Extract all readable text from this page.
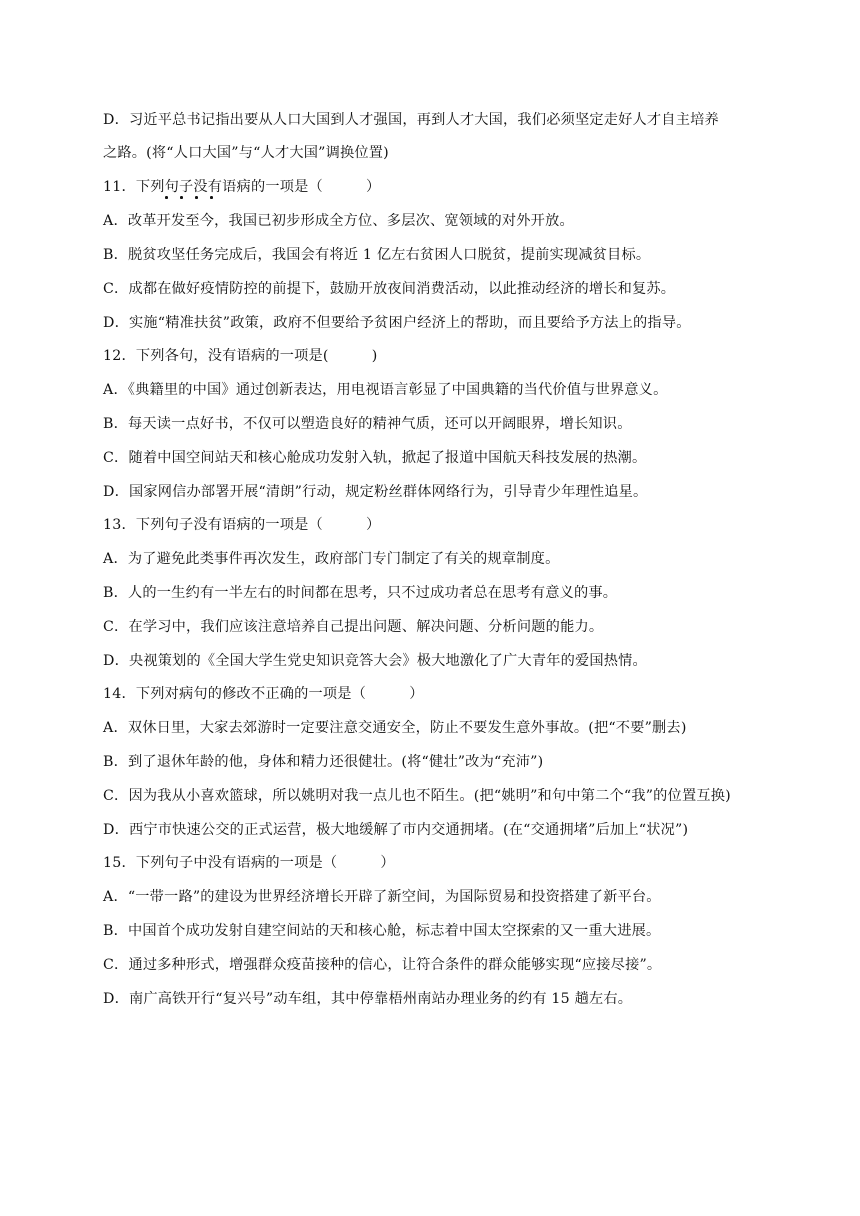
D．习近平总书记指出要从人口大国到人才强国，再到人才大国，我们必须坚定走好人才自主培养
之路。(将“人口大国”与“人才大国”调换位置)
11．下列句子没有语病的一项是（　　　）
A．改革开发至今，我国已初步形成全方位、多层次、宽领域的对外开放。
B．脱贫攻坚任务完成后，我国会有将近 1 亿左右贫困人口脱贫，提前实现减贫目标。
C．成都在做好疫情防控的前提下，鼓励开放夜间消费活动，以此推动经济的增长和复苏。
D．实施“精准扶贫”政策，政府不但要给予贫困户经济上的帮助，而且要给予方法上的指导。
12．下列各句，没有语病的一项是(　　　)
A．《典籍里的中国》通过创新表达，用电视语言彰显了中国典籍的当代价值与世界意义。
B．每天读一点好书，不仅可以塑造良好的精神气质，还可以开阔眼界，增长知识。
C．随着中国空间站天和核心舱成功发射入轨，掀起了报道中国航天科技发展的热潮。
D．国家网信办部署开展“清朗”行动，规定粉丝群体网络行为，引导青少年理性追星。
13．下列句子没有语病的一项是（　　　）
A．为了避免此类事件再次发生，政府部门专门制定了有关的规章制度。
B．人的一生约有一半左右的时间都在思考，只不过成功者总在思考有意义的事。
C．在学习中，我们应该注意培养自己提出问题、解决问题、分析问题的能力。
D．央视策划的《全国大学生党史知识竞答大会》极大地激化了广大青年的爱国热情。
14．下列对病句的修改不正确的一项是（　　　）
A．双休日里，大家去郊游时一定要注意交通安全，防止不要发生意外事故。(把“不要”删去)
B．到了退休年龄的他，身体和精力还很健壮。(将“健壮”改为“充沛”)
C．因为我从小喜欢篮球，所以姚明对我一点儿也不陌生。(把“姚明”和句中第二个“我”的位置互换)
D．西宁市快速公交的正式运营，极大地缓解了市内交通拥堵。(在“交通拥堵”后加上“状况”)
15．下列句子中没有语病的一项是（　　　）
A．“一带一路”的建设为世界经济增长开辟了新空间，为国际贸易和投资搭建了新平台。
B．中国首个成功发射自建空间站的天和核心舱，标志着中国太空探索的又一重大进展。
C．通过多种形式，增强群众疫苗接种的信心，让符合条件的群众能够实现“应接尽接”。
D．南广高铁开行“复兴号”动车组，其中停靠梧州南站办理业务的约有 15 趟左右。
